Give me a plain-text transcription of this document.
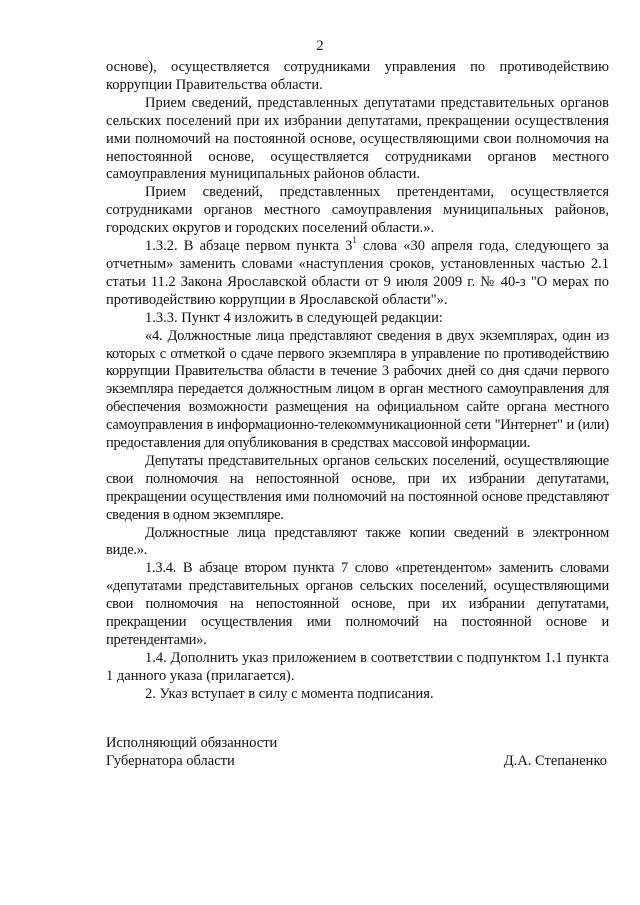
2

основе), осуществляется сотрудниками управления по противодействию коррупции Правительства области.

Прием сведений, представленных депутатами представительных органов сельских поселений при их избрании депутатами, прекращении осуществления ими полномочий на постоянной основе, осуществляющими свои полномочия на непостоянной основе, осуществляется сотрудниками органов местного самоуправления муниципальных районов области.

Прием сведений, представленных претендентами, осуществляется сотрудниками органов местного самоуправления муниципальных районов, городских округов и городских поселений области.».

1.3.2. В абзаце первом пункта $3^1$ слова «30 апреля года, следующего за отчетным» заменить словами «наступления сроков, установленных частью 2.1 статьи 11.2 Закона Ярославской области от 9 июля 2009 г. № 40-з "О мерах по противодействию коррупции в Ярославской области"».

1.3.3. Пункт 4 изложить в следующей редакции:

«4. Должностные лица представляют сведения в двух экземплярах, один из которых с отметкой о сдаче первого экземпляра в управление по противодействию коррупции Правительства области в течение 3 рабочих дней со дня сдачи первого экземпляра передается должностным лицом в орган местного самоуправления для обеспечения возможности размещения на официальном сайте органа местного самоуправления в информационно-телекоммуникационной сети "Интернет" и (или) предоставления для опубликования в средствах массовой информации.

Депутаты представительных органов сельских поселений, осуществляющие свои полномочия на непостоянной основе, при их избрании депутатами, прекращении осуществления ими полномочий на постоянной основе представляют сведения в одном экземпляре.

Должностные лица представляют также копии сведений в электронном виде.».

1.3.4. В абзаце втором пункта 7 слово «претендентом» заменить словами «депутатами представительных органов сельских поселений, осуществляющими свои полномочия на непостоянной основе, при их избрании депутатами, прекращении осуществления ими полномочий на постоянной основе и претендентами».

1.4. Дополнить указ приложением в соответствии с подпунктом 1.1 пункта 1 данного указа (прилагается).

2. Указ вступает в силу с момента подписания.

Исполняющий обязанности
Губернатора области	Д.А. Степаненко
